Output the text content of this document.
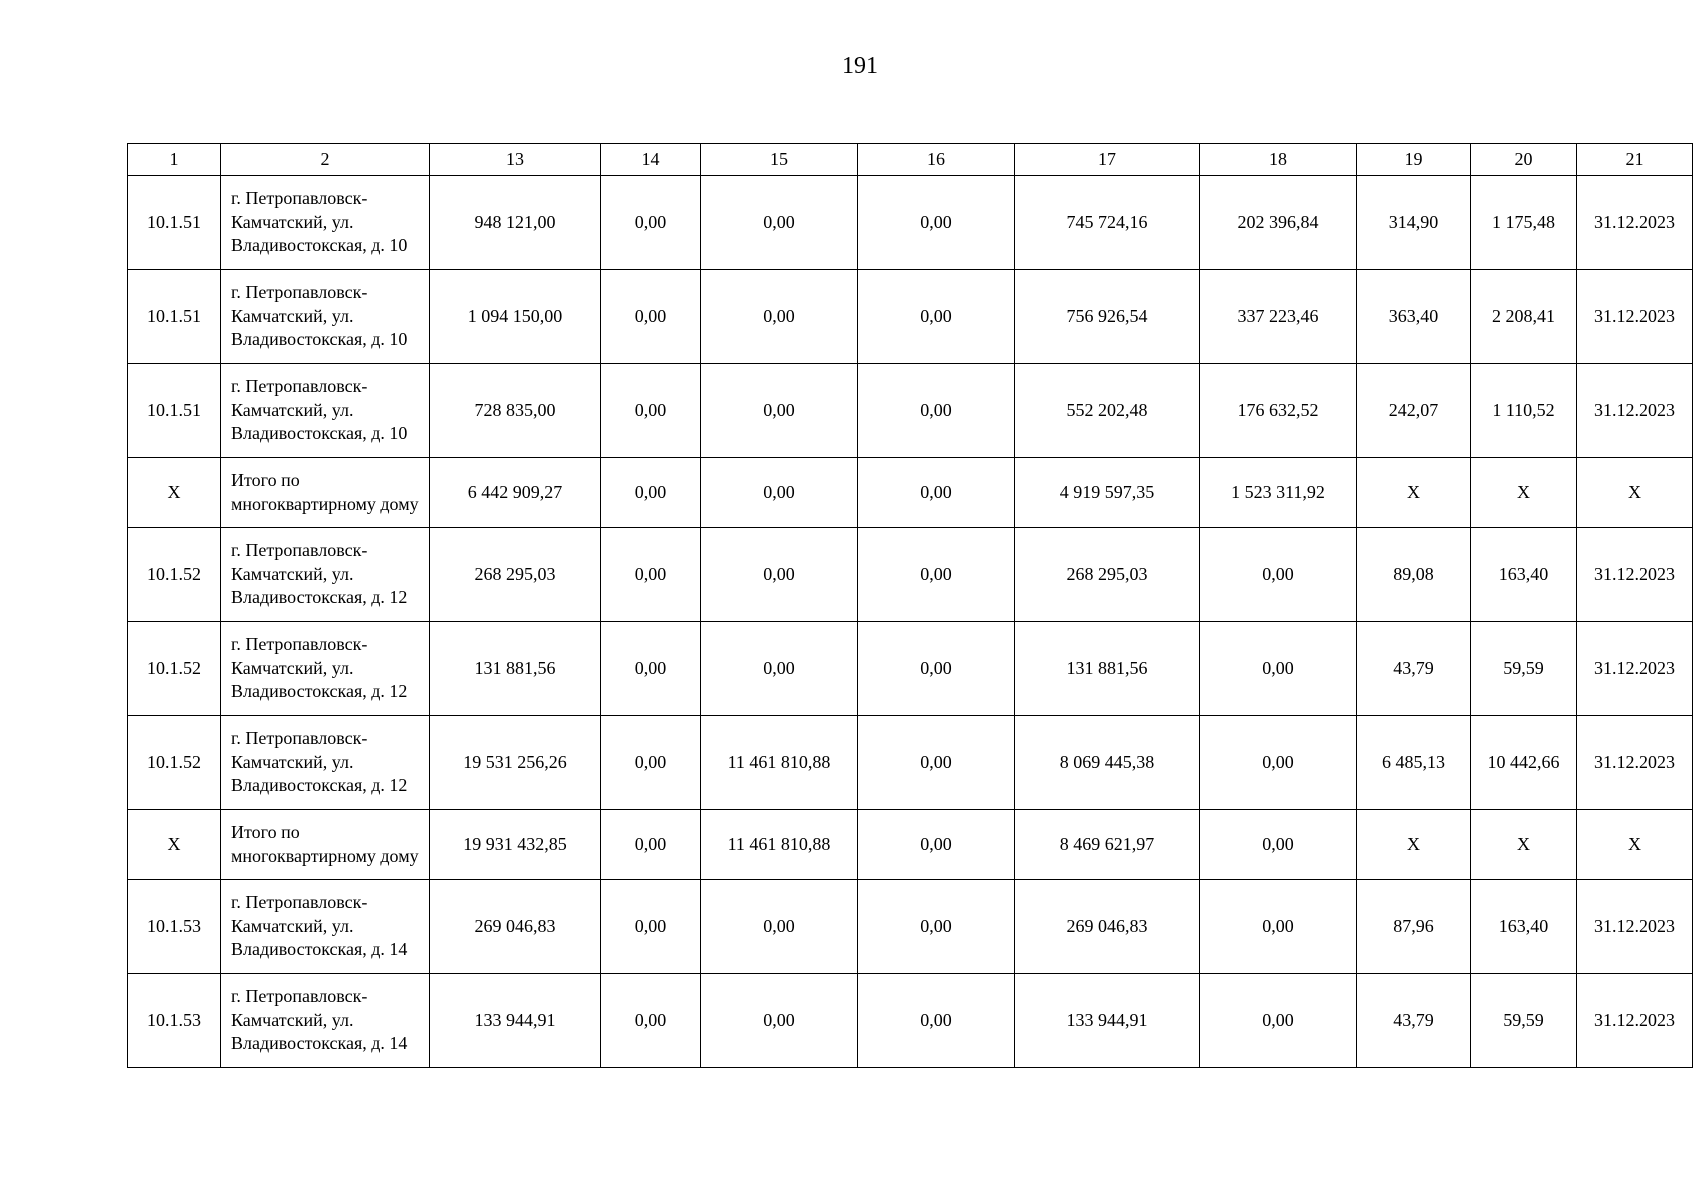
191
1	2	13	14	15	16	17	18	19	20	21
10.1.51	г. Петропавловск-Камчатский, ул. Владивостокская, д. 10	948 121,00	0,00	0,00	0,00	745 724,16	202 396,84	314,90	1 175,48	31.12.2023
10.1.51	г. Петропавловск-Камчатский, ул. Владивостокская, д. 10	1 094 150,00	0,00	0,00	0,00	756 926,54	337 223,46	363,40	2 208,41	31.12.2023
10.1.51	г. Петропавловск-Камчатский, ул. Владивостокская, д. 10	728 835,00	0,00	0,00	0,00	552 202,48	176 632,52	242,07	1 110,52	31.12.2023
X	Итого по многоквартирному дому	6 442 909,27	0,00	0,00	0,00	4 919 597,35	1 523 311,92	X	X	X
10.1.52	г. Петропавловск-Камчатский, ул. Владивостокская, д. 12	268 295,03	0,00	0,00	0,00	268 295,03	0,00	89,08	163,40	31.12.2023
10.1.52	г. Петропавловск-Камчатский, ул. Владивостокская, д. 12	131 881,56	0,00	0,00	0,00	131 881,56	0,00	43,79	59,59	31.12.2023
10.1.52	г. Петропавловск-Камчатский, ул. Владивостокская, д. 12	19 531 256,26	0,00	11 461 810,88	0,00	8 069 445,38	0,00	6 485,13	10 442,66	31.12.2023
X	Итого по многоквартирному дому	19 931 432,85	0,00	11 461 810,88	0,00	8 469 621,97	0,00	X	X	X
10.1.53	г. Петропавловск-Камчатский, ул. Владивостокская, д. 14	269 046,83	0,00	0,00	0,00	269 046,83	0,00	87,96	163,40	31.12.2023
10.1.53	г. Петропавловск-Камчатский, ул. Владивостокская, д. 14	133 944,91	0,00	0,00	0,00	133 944,91	0,00	43,79	59,59	31.12.2023
